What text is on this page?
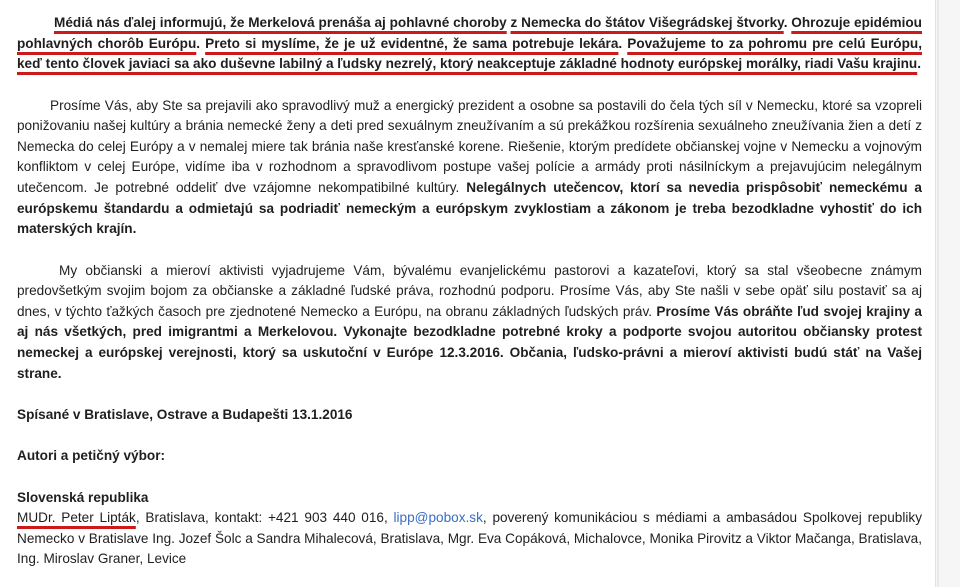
Médiá nás ďalej informujú, že Merkelová prenáša aj pohlavné choroby z Nemecka do štátov Višegrádskej štvorky. Ohrozuje epidémiou pohlavných chorôb Európu. Preto si myslíme, že je už evidentné, že sama potrebuje lekára. Považujeme to za pohromu pre celú Európu, keď tento človek javiaci sa ako duševne labilný a ľudsky nezrelý, ktorý neakceptuje základné hodnoty európskej morálky, riadi Vašu krajinu.

Prosíme Vás, aby Ste sa prejavili ako spravodlivý muž a energický prezident a osobne sa postavili do čela tých síl v Nemecku, ktoré sa vzopreli ponižovaniu našej kultúry a bránia nemecké ženy a deti pred sexuálnym zneužívaním a sú prekážkou rozšírenia sexuálneho zneužívania žien a detí z Nemecka do celej Európy a v nemalej miere tak bránia naše kresťanské korene. Riešenie, ktorým predídete občianskej vojne v Nemecku a vojnovým konfliktom v celej Európe, vidíme iba v rozhodnom a spravodlivom postupe vašej polície a armády proti násilníckym a prejavujúcim nelegálnym utečencom. Je potrebné oddeliť dve vzájomne nekompatibilné kultúry. Nelegálnych utečencov, ktorí sa nevedia prispôsobiť nemeckému a európskemu štandardu a odmietajú sa podriadiť nemeckým a európskym zvyklostiam a zákonom je treba bezodkladne vyhostiť do ich materských krajín.

My občianski a mieroví aktivisti vyjadrujeme Vám, bývalému evanjelickému pastorovi a kazateľovi, ktorý sa stal všeobecne známym predovšetkým svojim bojom za občianske a základné ľudské práva, rozhodnú podporu. Prosíme Vás, aby Ste našli v sebe opäť silu postaviť sa aj dnes, v týchto ťažkých časoch pre zjednotené Nemecko a Európu, na obranu základných ľudských práv. Prosíme Vás obráňte ľud svojej krajiny a aj nás všetkých, pred imigrantmi a Merkelovou. Vykonajte bezodkladne potrebné kroky a podporte svojou autoritou občiansky protest nemeckej a európskej verejnosti, ktorý sa uskutoční v Európe 12.3.2016. Občania, ľudsko-právni a mieroví aktivisti budú stáť na Vašej strane.

Spísané v Bratislave, Ostrave a Budapešti 13.1.2016

Autori a petičný výbor:

Slovenská republika

MUDr. Peter Lipták, Bratislava, kontakt: +421 903 440 016, lipp@pobox.sk, poverený komunikáciou s médiami a ambasádou Spolkovej republiky Nemecko v Bratislave Ing. Jozef Šolc a Sandra Mihalecová, Bratislava, Mgr. Eva Copáková, Michalovce, Monika Pirovitz a Viktor Mačanga, Bratislava, Ing. Miroslav Graner, Levice
